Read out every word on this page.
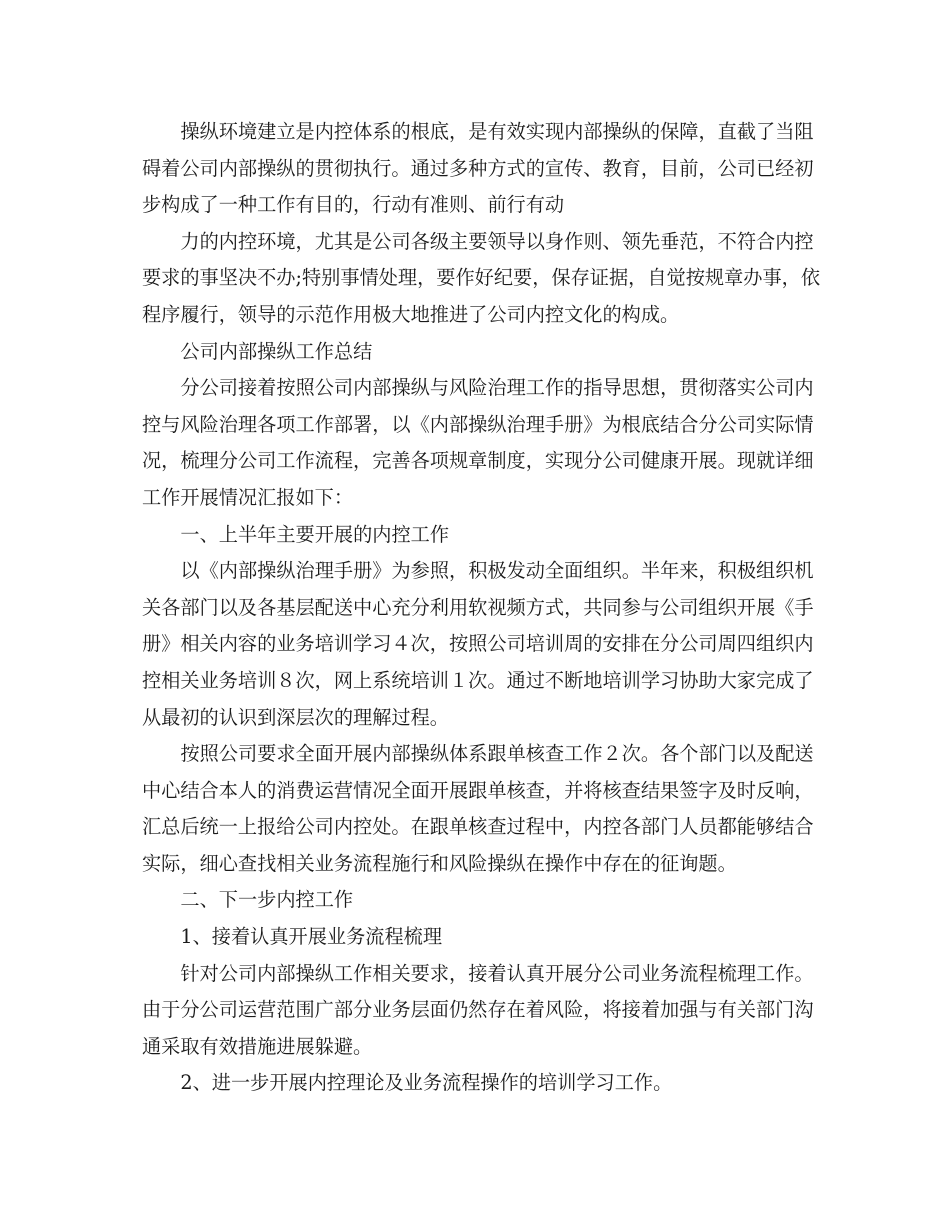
操纵环境建立是内控体系的根底，是有效实现内部操纵的保障，直截了当阻
碍着公司内部操纵的贯彻执行。通过多种方式的宣传、教育，目前，公司已经初
步构成了一种工作有目的，行动有准则、前行有动
力的内控环境，尤其是公司各级主要领导以身作则、领先垂范，不符合内控
要求的事坚决不办;特别事情处理，要作好纪要，保存证据，自觉按规章办事，依
程序履行，领导的示范作用极大地推进了公司内控文化的构成。
公司内部操纵工作总结
分公司接着按照公司内部操纵与风险治理工作的指导思想，贯彻落实公司内
控与风险治理各项工作部署，以《内部操纵治理手册》为根底结合分公司实际情
况，梳理分公司工作流程，完善各项规章制度，实现分公司健康开展。现就详细
工作开展情况汇报如下：
一、上半年主要开展的内控工作
以《内部操纵治理手册》为参照，积极发动全面组织。半年来，积极组织机
关各部门以及各基层配送中心充分利用软视频方式，共同参与公司组织开展《手
册》相关内容的业务培训学习４次，按照公司培训周的安排在分公司周四组织内
控相关业务培训８次，网上系统培训１次。通过不断地培训学习协助大家完成了
从最初的认识到深层次的理解过程。
按照公司要求全面开展内部操纵体系跟单核查工作２次。各个部门以及配送
中心结合本人的消费运营情况全面开展跟单核查，并将核查结果签字及时反响，
汇总后统一上报给公司内控处。在跟单核查过程中，内控各部门人员都能够结合
实际，细心查找相关业务流程施行和风险操纵在操作中存在的征询题。
二、下一步内控工作
1、接着认真开展业务流程梳理
针对公司内部操纵工作相关要求，接着认真开展分公司业务流程梳理工作。
由于分公司运营范围广部分业务层面仍然存在着风险，将接着加强与有关部门沟
通采取有效措施进展躲避。
2、进一步开展内控理论及业务流程操作的培训学习工作。
